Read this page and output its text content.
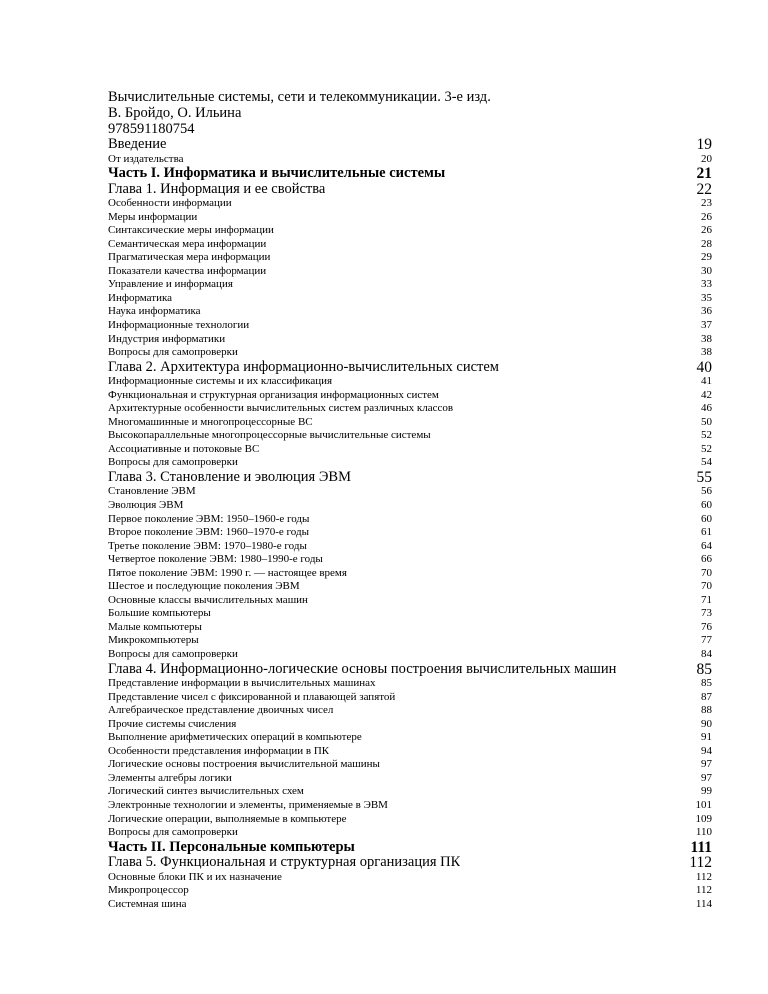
Вычислительные системы, сети и телекоммуникации. 3-е изд.
В. Бройдо, О. Ильина
978591180754
Введение	19
От издательства	20
Часть I. Информатика и вычислительные системы	21
Глава 1. Информация и ее свойства	22
Особенности информации	23
Меры информации	26
Синтаксические меры информации	26
Семантическая мера информации	28
Прагматическая мера информации	29
Показатели качества информации	30
Управление и информация	33
Информатика	35
Наука информатика	36
Информационные технологии	37
Индустрия информатики	38
Вопросы для самопроверки	38
Глава 2. Архитектура информационно-вычислительных систем	40
Информационные системы и их классификация	41
Функциональная и структурная организация информационных систем	42
Архитектурные особенности вычислительных систем различных классов	46
Многомашинные и многопроцессорные ВС	50
Высокопараллельные многопроцессорные вычислительные системы	52
Ассоциативные и потоковые ВС	52
Вопросы для самопроверки	54
Глава 3. Становление и эволюция ЭВМ	55
Становление ЭВМ	56
Эволюция ЭВМ	60
Первое поколение ЭВМ: 1950–1960-е годы	60
Второе поколение ЭВМ: 1960–1970-е годы	61
Третье поколение ЭВМ: 1970–1980-е годы	64
Четвертое поколение ЭВМ: 1980–1990-е годы	66
Пятое поколение ЭВМ: 1990 г. — настоящее время	70
Шестое и последующие поколения ЭВМ	70
Основные классы вычислительных машин	71
Большие компьютеры	73
Малые компьютеры	76
Микрокомпьютеры	77
Вопросы для самопроверки	84
Глава 4. Информационно-логические основы построения вычислительных машин	85
Представление информации в вычислительных машинах	85
Представление чисел с фиксированной и плавающей запятой	87
Алгебраическое представление двоичных чисел	88
Прочие системы счисления	90
Выполнение арифметических операций в компьютере	91
Особенности представления информации в ПК	94
Логические основы построения вычислительной машины	97
Элементы алгебры логики	97
Логический синтез вычислительных схем	99
Электронные технологии и элементы, применяемые в ЭВМ	101
Логические операции, выполняемые в компьютере	109
Вопросы для самопроверки	110
Часть II. Персональные компьютеры	111
Глава 5. Функциональная и структурная организация ПК	112
Основные блоки ПК и их назначение	112
Микропроцессор	112
Системная шина	114
